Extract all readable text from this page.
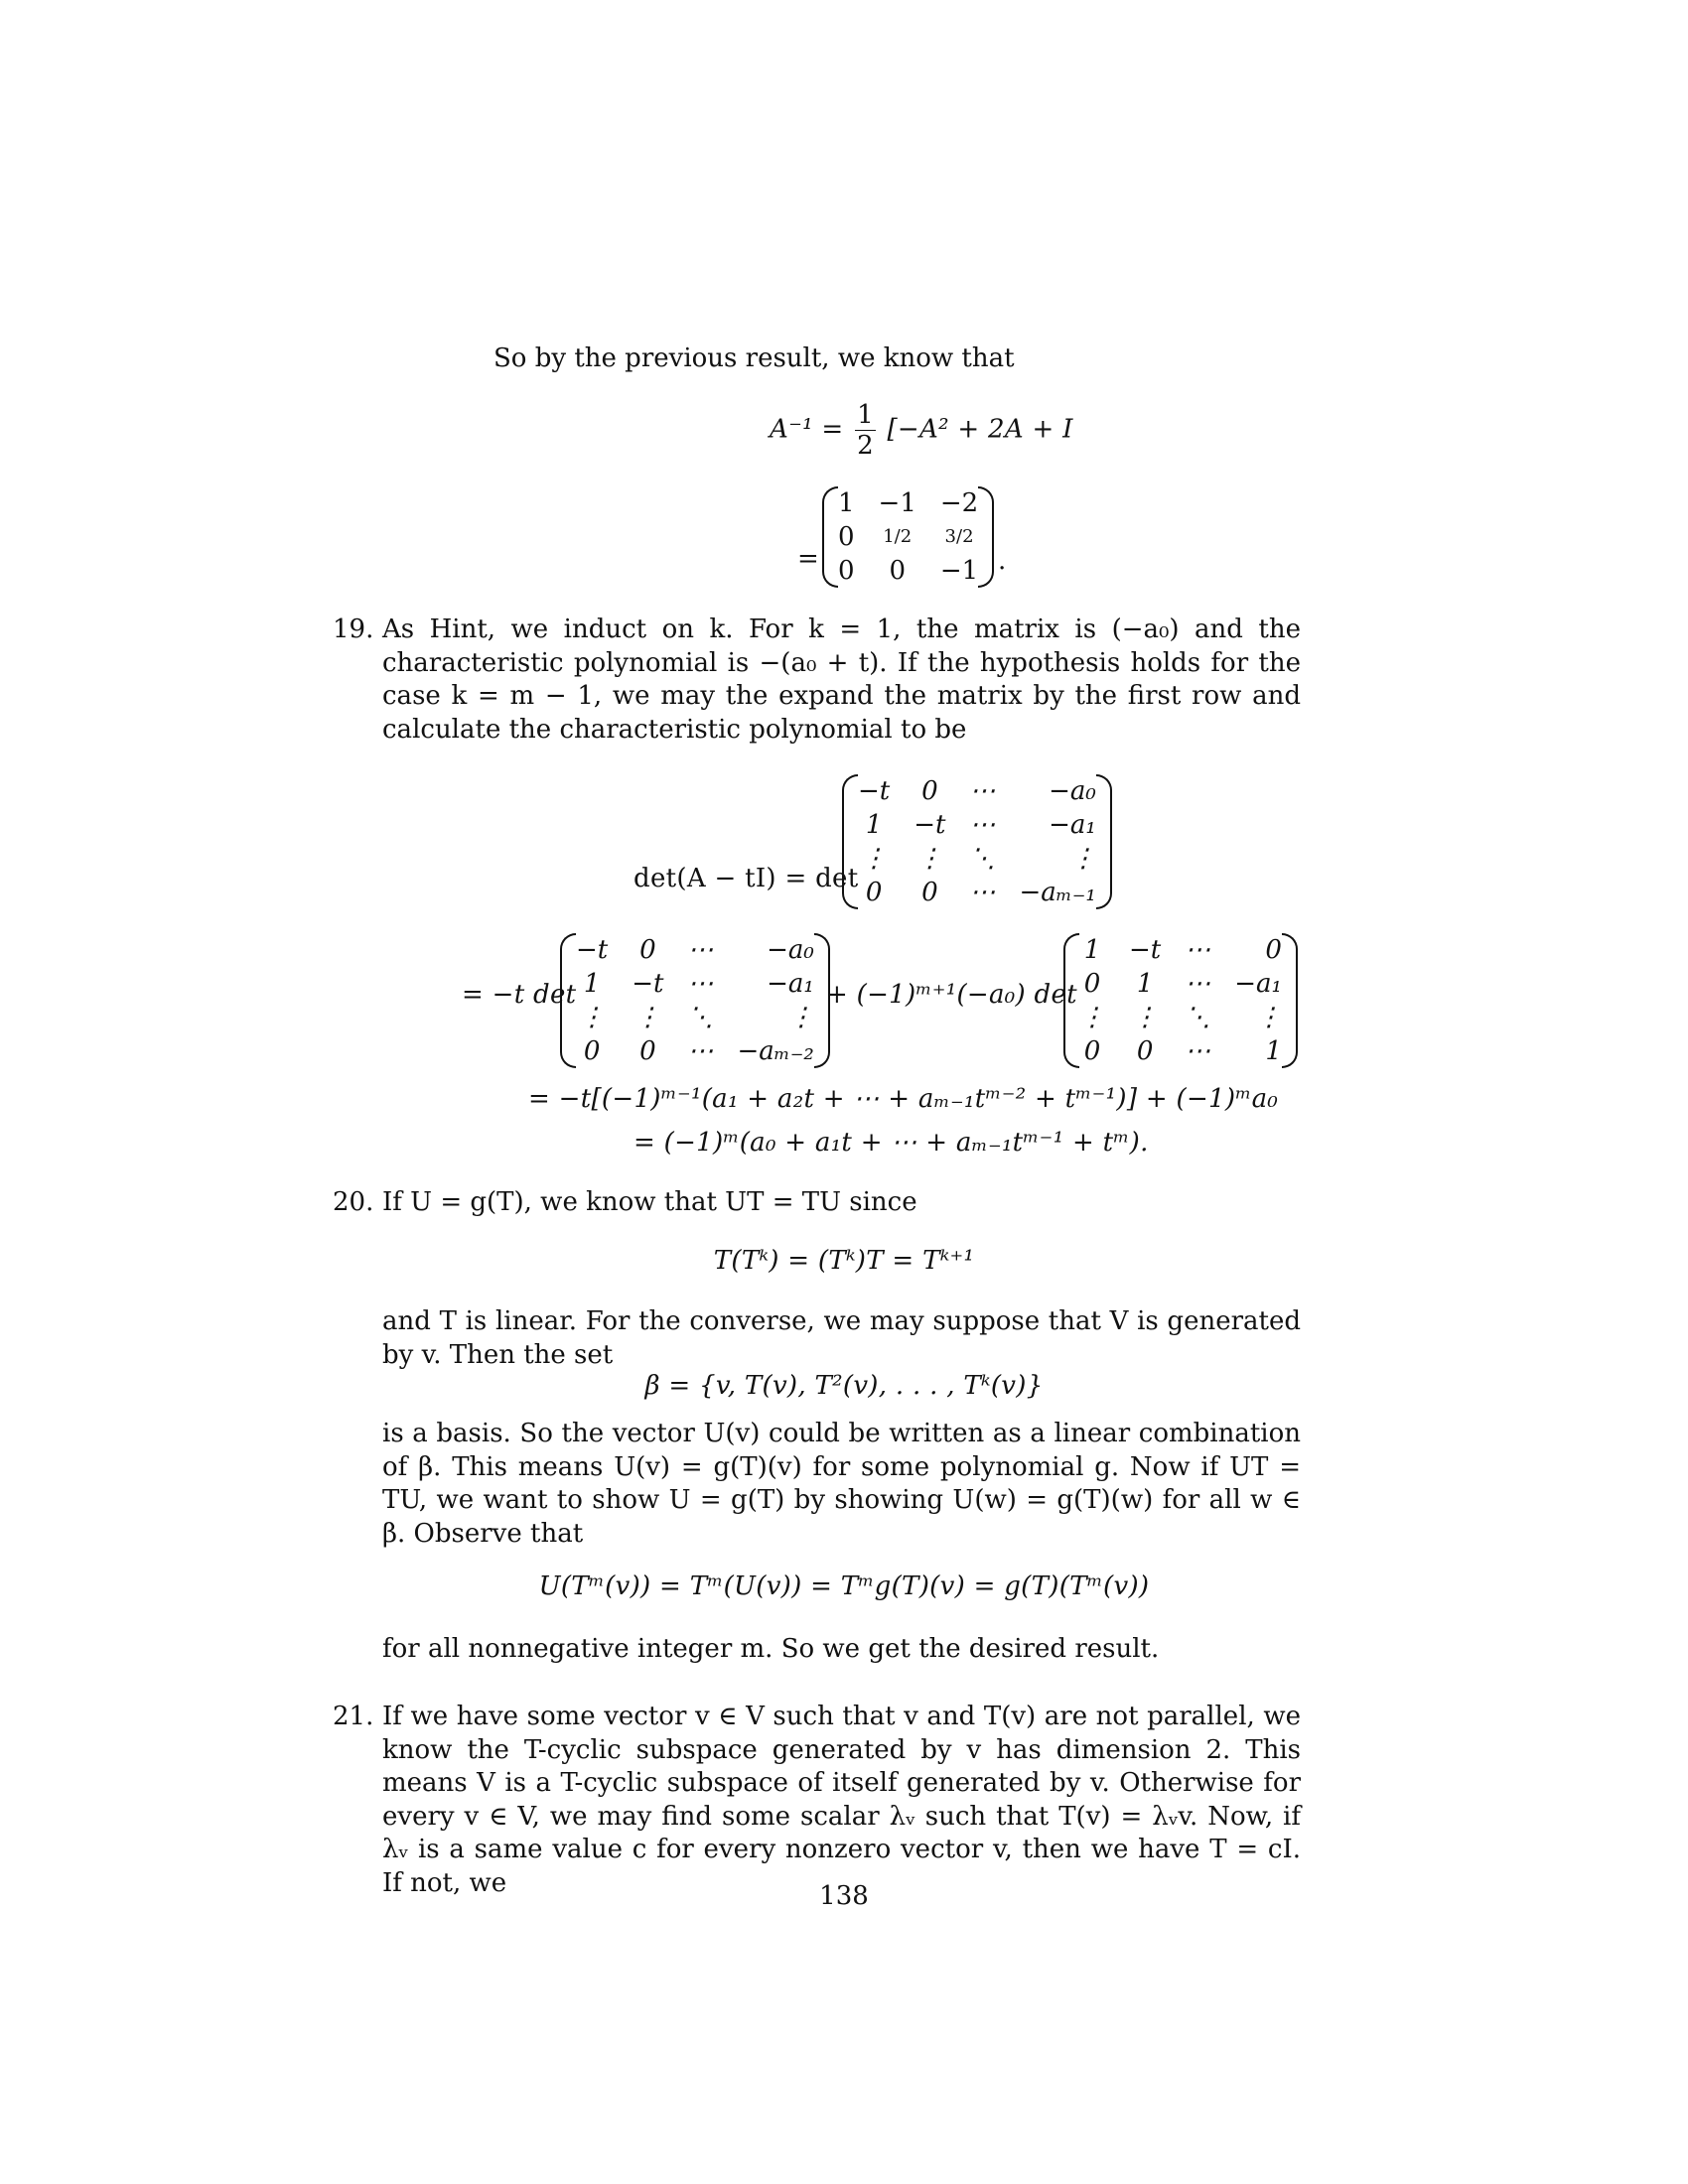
So by the previous result, we know that
$A^{-1} = \frac{1}{2} [-A^2 + 2A + I$
=
1	−1	−2
0	1/2	3/2
0	0	−1 .
19. As Hint, we induct on k. For k = 1, the matrix is (−a₀) and the characteristic polynomial is −(a₀ + t). If the hypothesis holds for the case k = m − 1, we may the expand the matrix by the first row and calculate the characteristic polynomial to be
det(A − tI) = det
−t	0	⋯	−a₀
1	−t	⋯	−a₁
⋮	⋮	⋱	⋮
0	0	⋯	−aₘ₋₁
= −t det
−t	0	⋯	−a₀
1	−t	⋯	−a₁
⋮	⋮	⋱	⋮
0	0	⋯	−aₘ₋₂
+ (−1)ᵐ⁺¹(−a₀) det
1	−t	⋯	0
0	1	⋯	−a₁
⋮	⋮	⋱	⋮
0	0	⋯	1
= −t[(−1)ᵐ⁻¹(a₁ + a₂t + ⋯ + aₘ₋₁tᵐ⁻² + tᵐ⁻¹)] + (−1)ᵐa₀
= (−1)ᵐ(a₀ + a₁t + ⋯ + aₘ₋₁tᵐ⁻¹ + tᵐ).
20. If U = g(T), we know that UT = TU since
T(Tᵏ) = (Tᵏ)T = Tᵏ⁺¹
and T is linear. For the converse, we may suppose that V is generated by v. Then the set
β = {v, T(v), T²(v), . . . , Tᵏ(v)}
is a basis. So the vector U(v) could be written as a linear combination of β. This means U(v) = g(T)(v) for some polynomial g. Now if UT = TU, we want to show U = g(T) by showing U(w) = g(T)(w) for all w ∈ β. Observe that
U(Tᵐ(v)) = Tᵐ(U(v)) = Tᵐg(T)(v) = g(T)(Tᵐ(v))
for all nonnegative integer m. So we get the desired result.
21. If we have some vector v ∈ V such that v and T(v) are not parallel, we know the T-cyclic subspace generated by v has dimension 2. This means V is a T-cyclic subspace of itself generated by v. Otherwise for every v ∈ V, we may find some scalar λᵥ such that T(v) = λᵥv. Now, if λᵥ is a same value c for every nonzero vector v, then we have T = cI. If not, we	138
